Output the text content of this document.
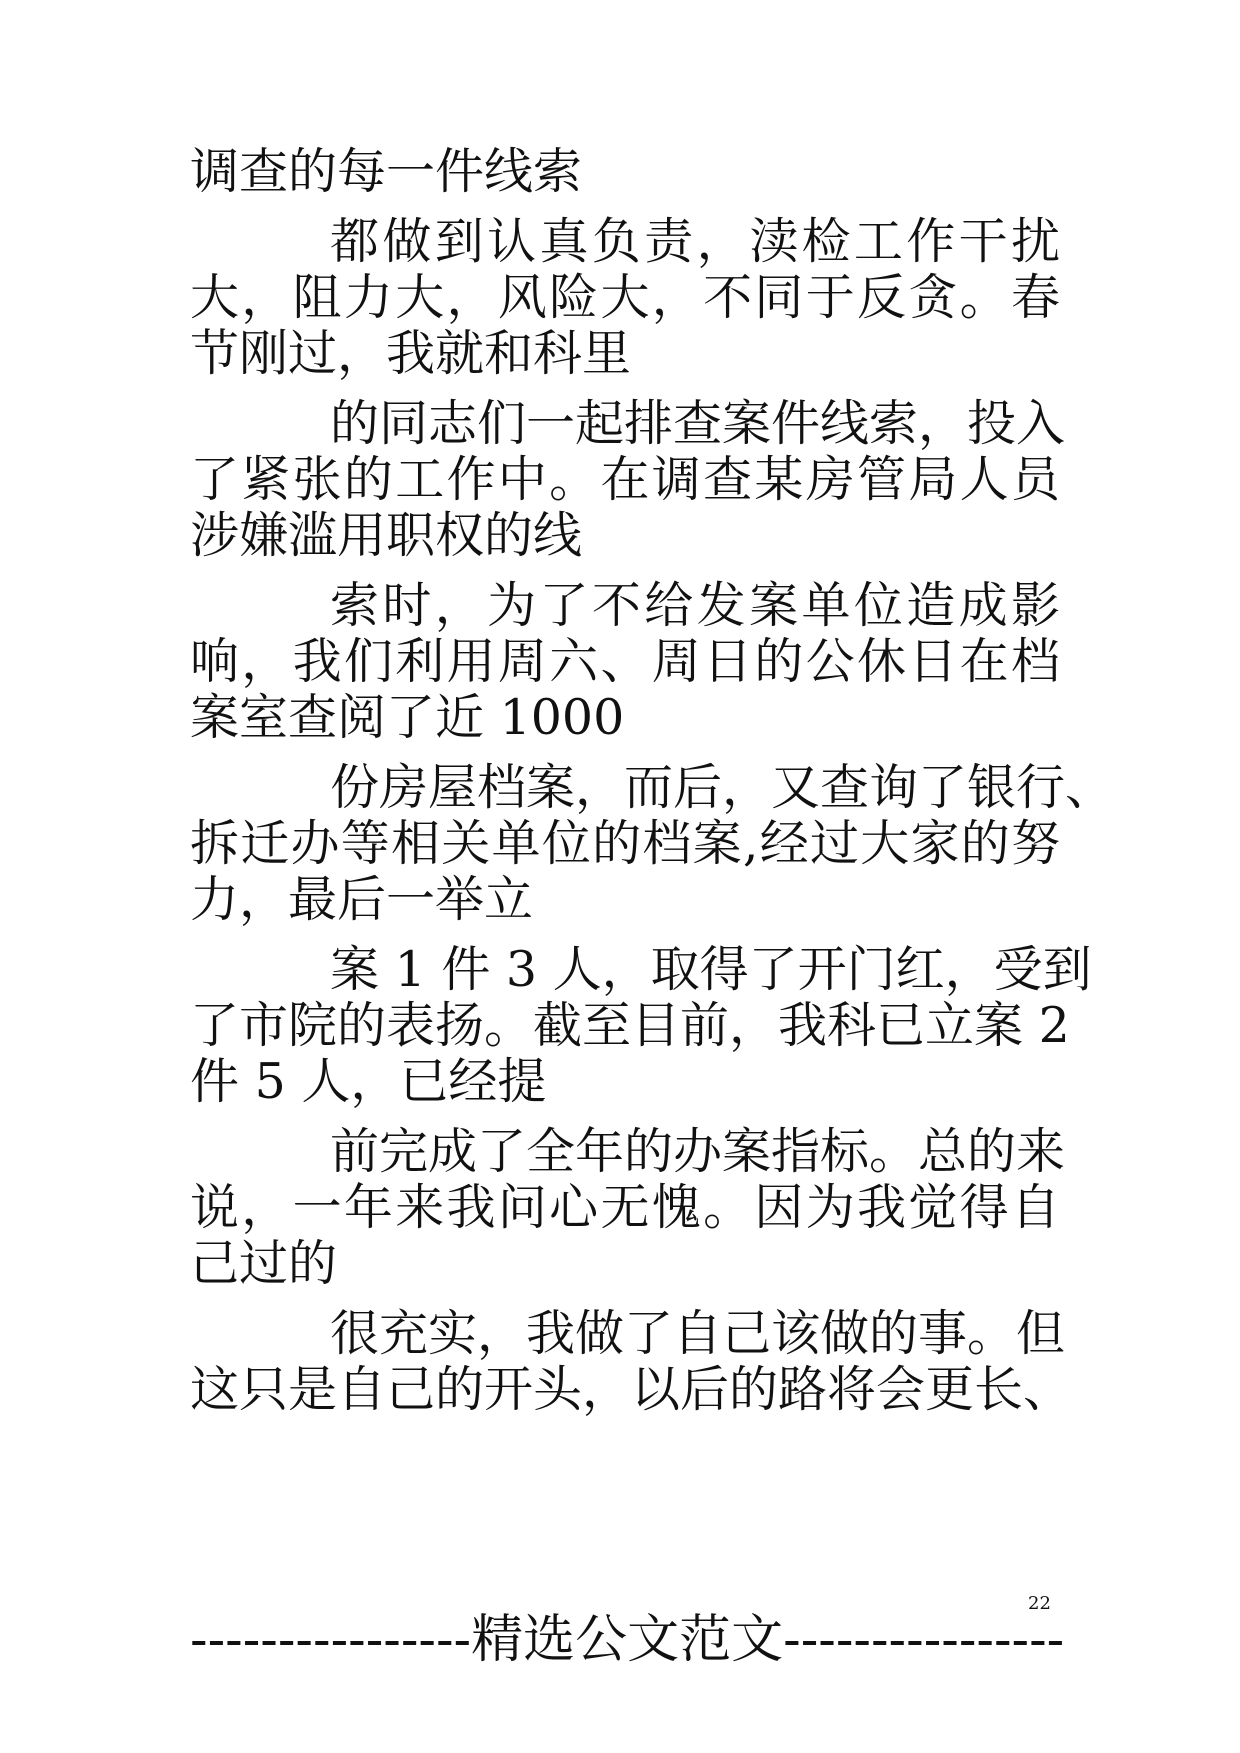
调查的每一件线索
都做到认真负责，渎检工作干扰
大，阻力大，风险大，不同于反贪。春
节刚过，我就和科里
的同志们一起排查案件线索，投入
了紧张的工作中。在调查某房管局人员
涉嫌滥用职权的线
索时，为了不给发案单位造成影
响，我们利用周六、周日的公休日在档
案室查阅了近 1000
份房屋档案，而后，又查询了银行、
拆迁办等相关单位的档案,经过大家的努
力，最后一举立
案 1 件 3 人，取得了开门红，受到
了市院的表扬。截至目前，我科已立案 2
件 5 人，已经提
前完成了全年的办案指标。总的来
说，一年来我问心无愧。因为我觉得自
己过的
很充实，我做了自己该做的事。但
这只是自己的开头，以后的路将会更长、
----------------精选公文范文----------------
22
